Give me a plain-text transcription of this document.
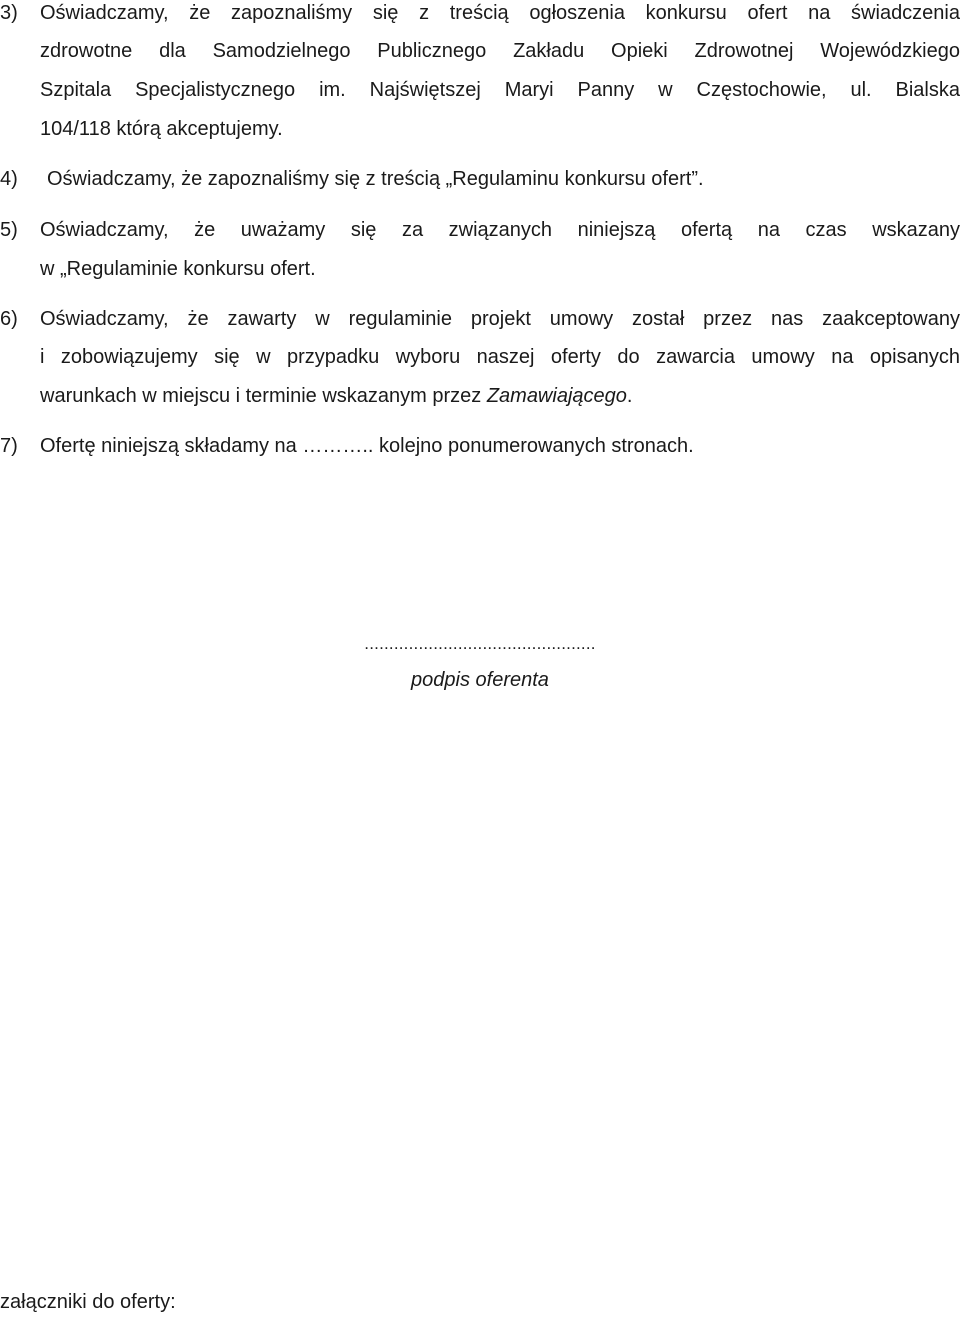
3) Oświadczamy, że zapoznaliśmy się z treścią ogłoszenia konkursu ofert na świadczenia
zdrowotne dla Samodzielnego Publicznego Zakładu Opieki Zdrowotnej Wojewódzkiego
Szpitala Specjalistycznego im. Najświętszej Maryi Panny w Częstochowie, ul. Bialska
104/118 którą akceptujemy.
4) Oświadczamy, że zapoznaliśmy się z treścią „Regulaminu konkursu ofert”.
5) Oświadczamy, że uważamy się za związanych niniejszą ofertą na czas wskazany
w „Regulaminie konkursu ofert.
6) Oświadczamy, że zawarty w regulaminie projekt umowy został przez nas zaakceptowany
i zobowiązujemy się w przypadku wyboru naszej oferty do zawarcia umowy na opisanych
warunkach w miejscu i terminie wskazanym przez Zamawiającego.
7) Ofertę niniejszą składamy na ……….. kolejno ponumerowanych stronach.
...............................................
podpis oferenta
załączniki do oferty:
